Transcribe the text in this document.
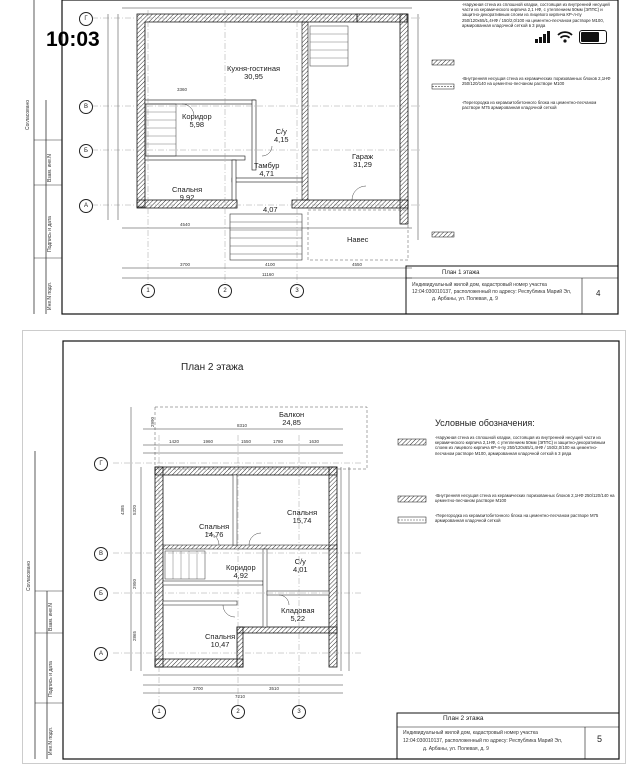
Кухня-гостиная
30,95
Коридор
5,98
С/у
4,15
Тамбур
4,71
Гараж
31,29
Спальня
9,92
4,07
Навес
3700	4100	4550
11160
4540
3360
Г
В
Б
А
1	2	3
-Наружная стена из сплошной кладки, состоящая из внутренней несущей части из керамического кирпича 2,1 НФ, с утеплением 50мм (ЭППС) и защитно-декоративным слоем из лицевого кирпича КР-л-пу 250/120х65/1,4НФ / 150/2,0/100 на цементно-песчаном растворе М100, армированная кладочной сеткой в 3 ряда
-Внутренняя несущая стена из керамических поризованных блоков 2,1НФ 250/120/140 на цементно-песчаном растворе М100
-Перегородка из керамзитобетонного блока на цементно-песчаном растворе М75 армированная кладочной сеткой
План 1 этажа
Индивидуальный жилой дом, кадастровый номер участка
12:04:030010137, расположенный по адресу: Республика Марий Эл,
д. Арбаны, ул. Полевая, д. 9
4
Согласовано
Взам. инв.N
Подпись и дата
Инв.N подл.
План 2 этажа
Балкон
24,85
Спальня
14,76
Спальня
15,74
Коридор
4,92
С/у
4,01
Кладовая
5,22
Спальня
10,47
8310
1420	1960	1550	1780	1630
3700	3510
7210
4385 5320
2950
2865
2990
Г
В
Б
А
1	2	3
Условные обозначения:
-Наружная стена из сплошной кладки, состоящая из внутренней несущей части из керамического кирпича 2,1НФ, с утеплением 50мм (ЭППС) и защитно-декоративным слоем из лицевого кирпича КР-л-пу 250/120х65/1,4НФ / 150/2,0/100 на цементно-песчаном растворе М100, армированная кладочной сеткой в 3 ряда
-Внутренняя несущая стена из керамических поризованных блоков 2,1НФ 250/120/140 на цементно-песчаном растворе М100
-Перегородка из керамзитобетонного блока на цементно-песчаном растворе М75 армированная кладочной сеткой
План 2 этажа
Индивидуальный жилой дом, кадастровый номер участка
12:04:030010137, расположенный по адресу: Республика Марий Эл,
д. Арбаны, ул. Полевая, д. 9
5
Согласовано
Взам. инв.N
Подпись и дата
Инв.N подл.
10:03
